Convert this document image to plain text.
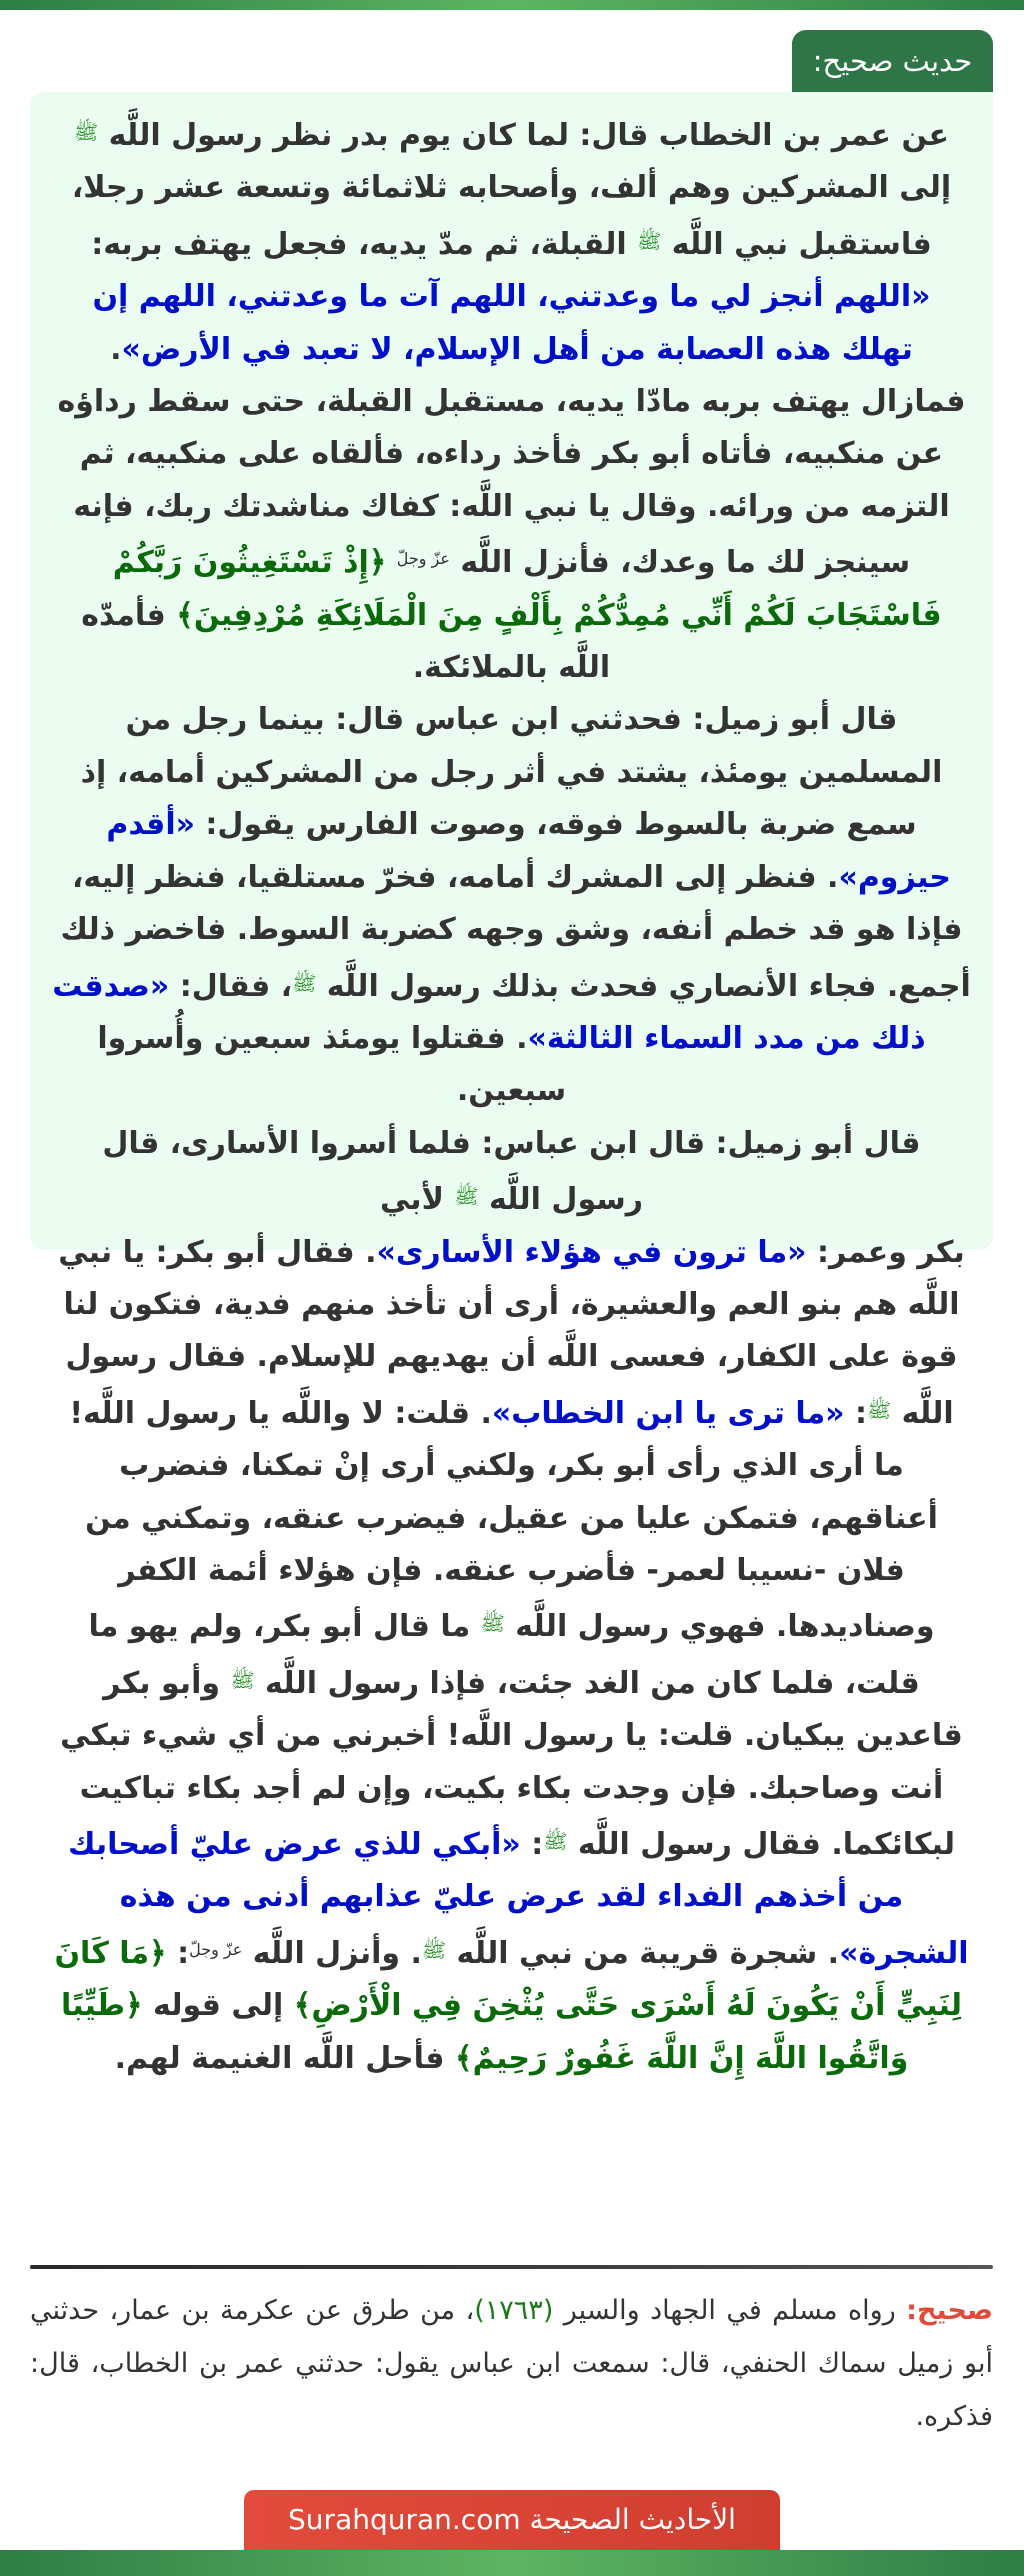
حديث صحيح:

عن عمر بن الخطاب قال: لما كان يوم بدر نظر رسول اللَّه $^ﷺ$ إلى المشركين وهم ألف، وأصحابه ثلاثمائة وتسعة عشر رجلا، فاستقبل نبي اللَّه $^ﷺ$ القبلة، ثم مدّ يديه، فجعل يهتف بربه: «اللهم أنجز لي ما وعدتني، اللهم آت ما وعدتني، اللهم إن تهلك هذه العصابة من أهل الإسلام، لا تعبد في الأرض».

فمازال يهتف بربه مادّا يديه، مستقبل القبلة، حتى سقط رداؤه عن منكبيه، فأتاه أبو بكر فأخذ رداءه، فألقاه على منكبيه، ثم التزمه من ورائه. وقال يا نبي اللَّه: كفاك مناشدتك ربك، فإنه سينجز لك ما وعدك، فأنزل اللَّه $^{عزّ وجلّ}$ ﴿إِذْ تَسْتَغِيثُونَ رَبَّكُمْ فَاسْتَجَابَ لَكُمْ أَنِّي مُمِدُّكُمْ بِأَلْفٍ مِنَ الْمَلَائِكَةِ مُرْدِفِينَ﴾ فأمدّه اللَّه بالملائكة.

قال أبو زميل: فحدثني ابن عباس قال: بينما رجل من المسلمين يومئذ، يشتد في أثر رجل من المشركين أمامه، إذ سمع ضربة بالسوط فوقه، وصوت الفارس يقول: «أقدم حيزوم». فنظر إلى المشرك أمامه، فخرّ مستلقيا، فنظر إليه، فإذا هو قد خطم أنفه، وشق وجهه كضربة السوط. فاخضر ذلك أجمع. فجاء الأنصاري فحدث بذلك رسول اللَّه $^ﷺ$، فقال: «صدقت ذلك من مدد السماء الثالثة». فقتلوا يومئذ سبعين وأُسروا سبعين.

قال أبو زميل: قال ابن عباس: فلما أسروا الأسارى، قال رسول اللَّه $^ﷺ$ لأبي

بكر وعمر: «ما ترون في هؤلاء الأسارى». فقال أبو بكر: يا نبي اللَّه هم بنو العم والعشيرة، أرى أن تأخذ منهم فدية، فتكون لنا قوة على الكفار، فعسى اللَّه أن يهديهم للإسلام. فقال رسول اللَّه $^ﷺ$: «ما ترى يا ابن الخطاب». قلت: لا واللَّه يا رسول اللَّه! ما أرى الذي رأى أبو بكر، ولكني أرى إنْ تمكنا، فنضرب أعناقهم، فتمكن عليا من عقيل، فيضرب عنقه، وتمكني من فلان -نسيبا لعمر- فأضرب عنقه. فإن هؤلاء أئمة الكفر وصناديدها. فهوي رسول اللَّه $^ﷺ$ ما قال أبو بكر، ولم يهو ما قلت، فلما كان من الغد جئت، فإذا رسول اللَّه $^ﷺ$ وأبو بكر قاعدين يبكيان. قلت: يا رسول اللَّه! أخبرني من أي شيء تبكي أنت وصاحبك. فإن وجدت بكاء بكيت، وإن لم أجد بكاء تباكيت لبكائكما. فقال رسول اللَّه $^ﷺ$: «أبكي للذي عرض عليّ أصحابك من أخذهم الفداء لقد عرض عليّ عذابهم أدنى من هذه الشجرة». شجرة قريبة من نبي اللَّه $^ﷺ$. وأنزل اللَّه $^{عزّ وجلّ}$: ﴿مَا كَانَ لِنَبِيٍّ أَنْ يَكُونَ لَهُ أَسْرَى حَتَّى يُثْخِنَ فِي الْأَرْضِ﴾ إلى قوله ﴿طَيِّبًا وَاتَّقُوا اللَّهَ إِنَّ اللَّهَ غَفُورٌ رَحِيمٌ﴾ فأحل اللَّه الغنيمة لهم.

صحيح: رواه مسلم في الجهاد والسير (١٧٦٣)، من طرق عن عكرمة بن عمار، حدثني أبو زميل سماك الحنفي، قال: سمعت ابن عباس يقول: حدثني عمر بن الخطاب، قال: فذكره.
الأحاديث الصحيحة Surahquran.com
